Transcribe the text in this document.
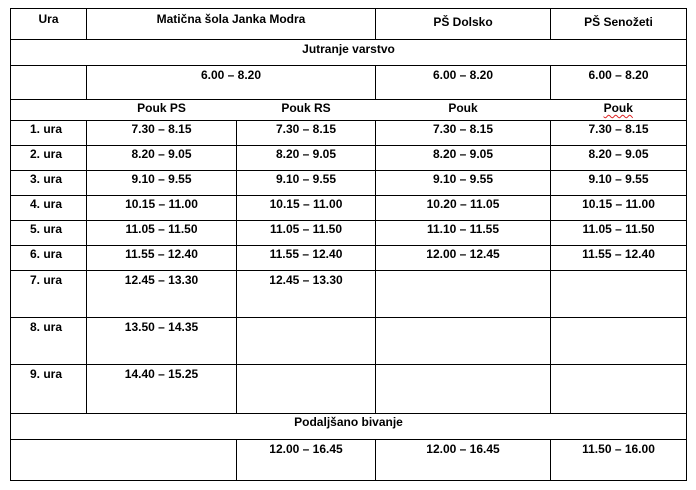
Ura	Matična šola Janka Modra		PŠ Dolsko	PŠ Senožeti
Jutranje varstvo				
	6.00 – 8.20		6.00 – 8.20	6.00 – 8.20
	Pouk PS	Pouk RS	Pouk	Pouk
1. ura	7.30 – 8.15	7.30 – 8.15	7.30 – 8.15	7.30 – 8.15
2. ura	8.20 – 9.05	8.20 – 9.05	8.20 – 9.05	8.20 – 9.05
3. ura	9.10 – 9.55	9.10 – 9.55	9.10 – 9.55	9.10 – 9.55
4. ura	10.15 – 11.00	10.15 – 11.00	10.20 – 11.05	10.15 – 11.00
5. ura	11.05 – 11.50	11.05 – 11.50	11.10 – 11.55	11.05 – 11.50
6. ura	11.55 – 12.40	11.55 – 12.40	12.00 – 12.45	11.55 – 12.40
7. ura	12.45 – 13.30	12.45 – 13.30		
8. ura	13.50 – 14.35			
9. ura	14.40 – 15.25			
Podaljšano bivanje				
		12.00 – 16.45	12.00 – 16.45	11.50 – 16.00
